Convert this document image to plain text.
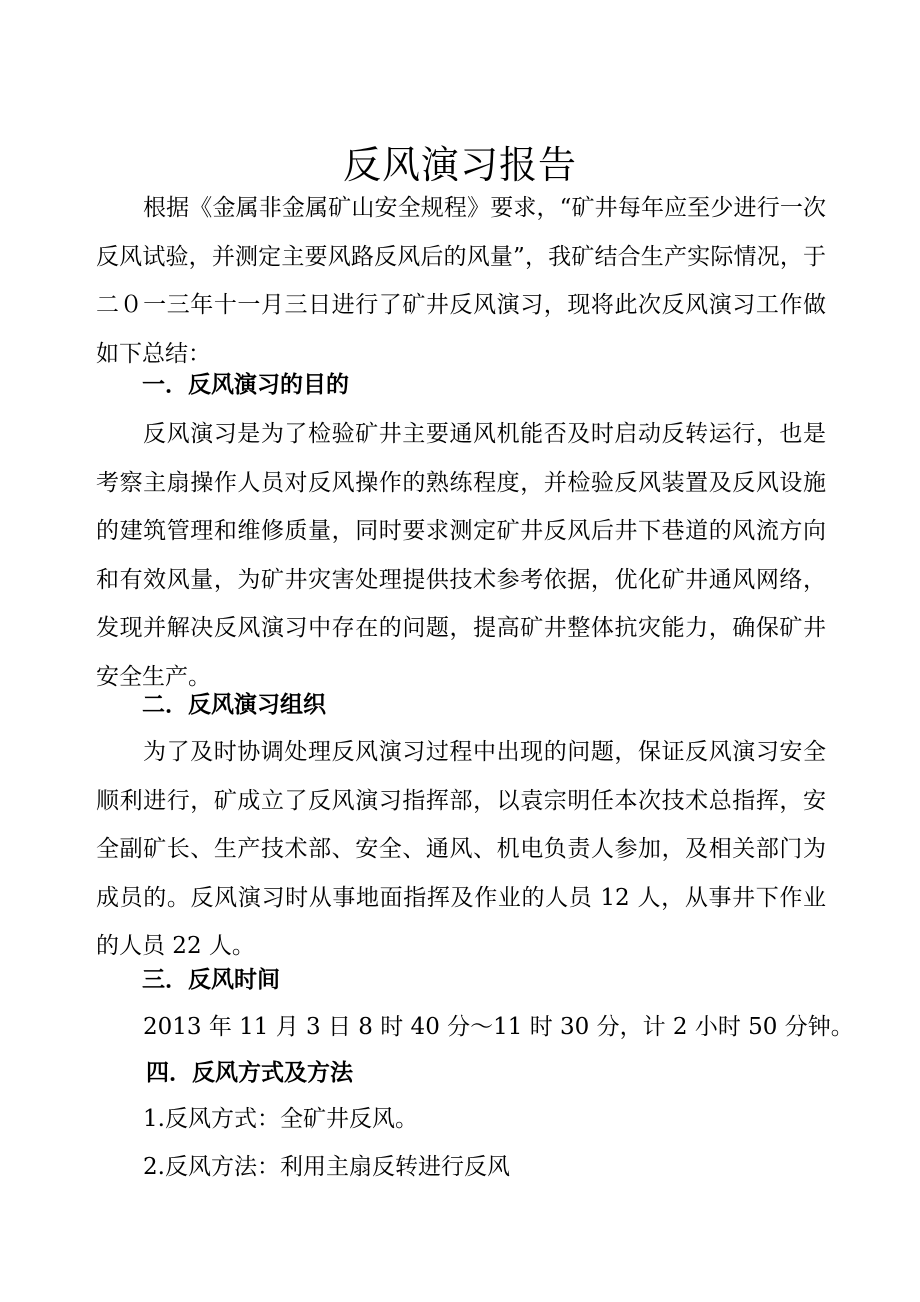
反风演习报告

根据《金属非金属矿山安全规程》要求，“矿井每年应至少进行一次反风试验，并测定主要风路反风后的风量”，我矿结合生产实际情况，于二０一三年十一月三日进行了矿井反风演习，现将此次反风演习工作做如下总结：

一．反风演习的目的

反风演习是为了检验矿井主要通风机能否及时启动反转运行，也是考察主扇操作人员对反风操作的熟练程度，并检验反风装置及反风设施的建筑管理和维修质量，同时要求测定矿井反风后井下巷道的风流方向和有效风量，为矿井灾害处理提供技术参考依据，优化矿井通风网络，发现并解决反风演习中存在的问题，提高矿井整体抗灾能力，确保矿井安全生产。

二．反风演习组织

为了及时协调处理反风演习过程中出现的问题，保证反风演习安全顺利进行，矿成立了反风演习指挥部，以袁宗明任本次技术总指挥，安全副矿长、生产技术部、安全、通风、机电负责人参加，及相关部门为成员的。反风演习时从事地面指挥及作业的人员 12 人，从事井下作业的人员 22 人。

三．反风时间

2013 年 11 月 3 日 8 时 40 分～11 时 30 分，计 2 小时 50 分钟。

四．反风方式及方法

1.反风方式：全矿井反风。

2.反风方法：利用主扇反转进行反风
